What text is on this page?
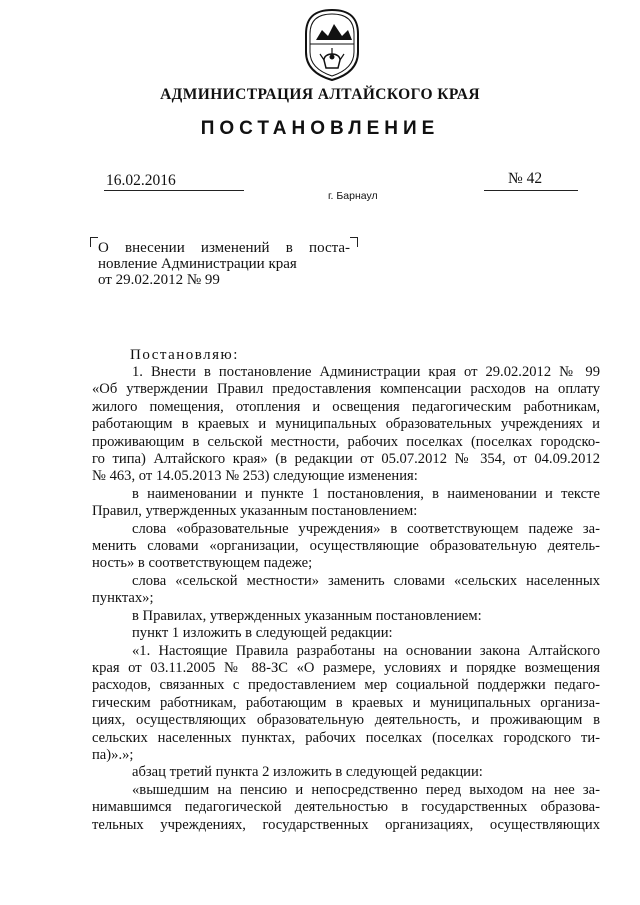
АДМИНИСТРАЦИЯ АЛТАЙСКОГО КРАЯ
ПОСТАНОВЛЕНИЕ
16.02.2016	№ 42
г. Барнаул
О внесении изменений в поста-
новление Администрации края
от 29.02.2012 № 99
Постановляю:
1. Внести в постановление Администрации края от 29.02.2012 № 99
«Об утверждении Правил предоставления компенсации расходов на оплату
жилого помещения, отопления и освещения педагогическим работникам,
работающим в краевых и муниципальных образовательных учреждениях и
проживающим в сельской местности, рабочих поселках (поселках городско-
го типа) Алтайского края» (в редакции от 05.07.2012 № 354, от 04.09.2012
№ 463, от 14.05.2013 № 253) следующие изменения:
в наименовании и пункте 1 постановления, в наименовании и тексте
Правил, утвержденных указанным постановлением:
слова «образовательные учреждения» в соответствующем падеже за-
менить словами «организации, осуществляющие образовательную деятель-
ность» в соответствующем падеже;
слова «сельской местности» заменить словами «сельских населенных
пунктах»;
в Правилах, утвержденных указанным постановлением:
пункт 1 изложить в следующей редакции:
«1. Настоящие Правила разработаны на основании закона Алтайского
края от 03.11.2005 № 88-ЗС «О размере, условиях и порядке возмещения
расходов, связанных с предоставлением мер социальной поддержки педаго-
гическим работникам, работающим в краевых и муниципальных организа-
циях, осуществляющих образовательную деятельность, и проживающим в
сельских населенных пунктах, рабочих поселках (поселках городского ти-
па)».»;
абзац третий пункта 2 изложить в следующей редакции:
«вышедшим на пенсию и непосредственно перед выходом на нее за-
нимавшимся педагогической деятельностью в государственных образова-
тельных учреждениях, государственных организациях, осуществляющих
